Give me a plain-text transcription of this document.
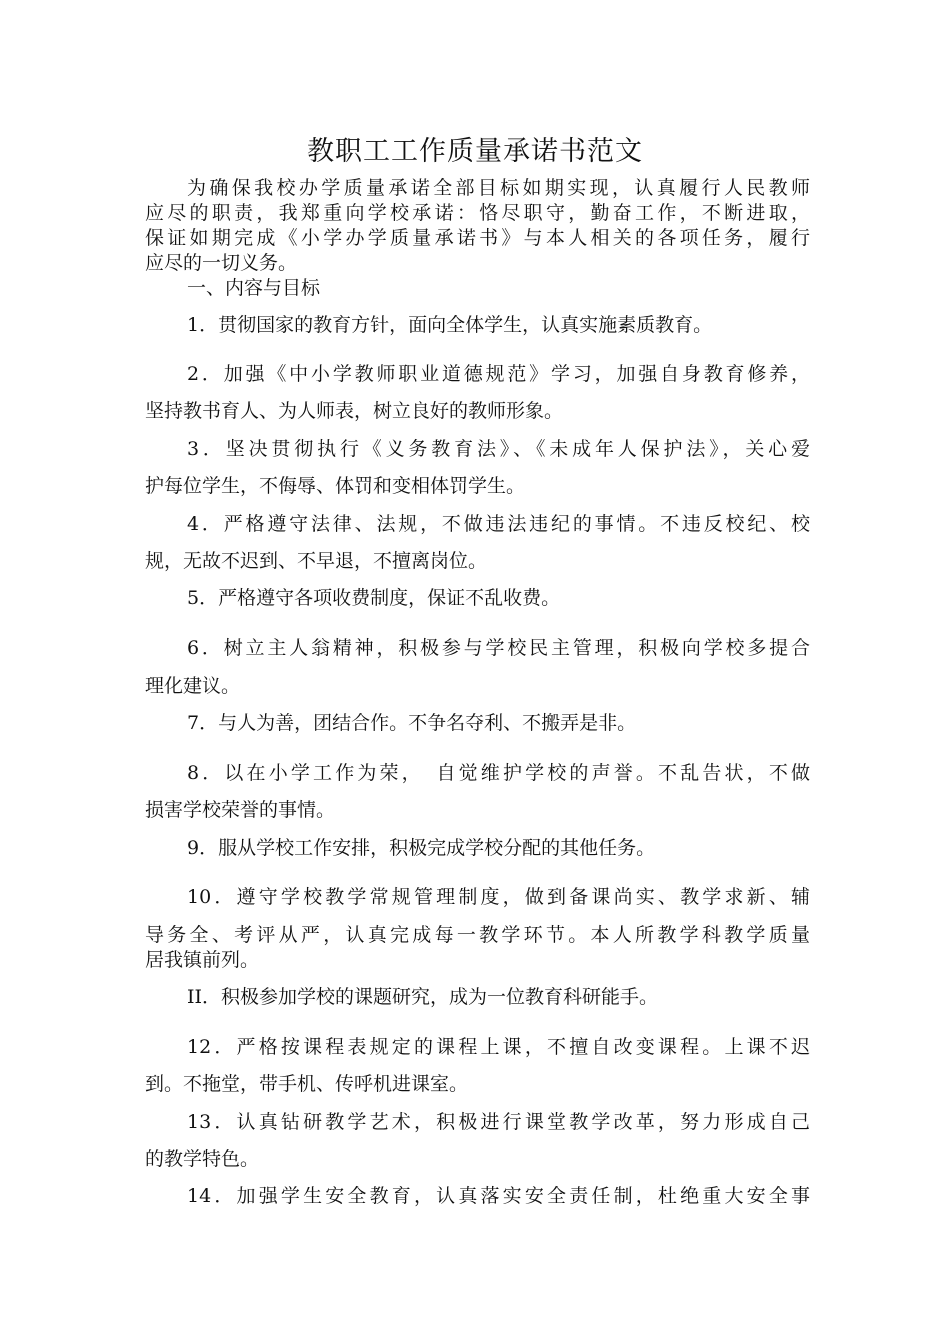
教职工工作质量承诺书范文
为确保我校办学质量承诺全部目标如期实现，认真履行人民教师
应尽的职责，我郑重向学校承诺：恪尽职守，勤奋工作，不断进取，
保证如期完成《小学办学质量承诺书》与本人相关的各项任务，履行
应尽的一切义务。
一、内容与目标
1．贯彻国家的教育方针，面向全体学生，认真实施素质教育。
2．加强《中小学教师职业道德规范》学习，加强自身教育修养，
坚持教书育人、为人师表，树立良好的教师形象。
3．坚决贯彻执行《义务教育法》、《未成年人保护法》，关心爱
护每位学生，不侮辱、体罚和变相体罚学生。
4．严格遵守法律、法规，不做违法违纪的事情。不违反校纪、校
规，无故不迟到、不早退，不擅离岗位。
5．严格遵守各项收费制度，保证不乱收费。
6．树立主人翁精神，积极参与学校民主管理，积极向学校多提合
理化建议。
7．与人为善，团结合作。不争名夺利、不搬弄是非。
8．以在小学工作为荣，　自觉维护学校的声誉。不乱告状，不做
损害学校荣誉的事情。
9．服从学校工作安排，积极完成学校分配的其他任务。
10．遵守学校教学常规管理制度，做到备课尚实、教学求新、辅
导务全、考评从严，认真完成每一教学环节。本人所教学科教学质量
居我镇前列。
II．积极参加学校的课题研究，成为一位教育科研能手。
12．严格按课程表规定的课程上课，不擅自改变课程。上课不迟
到。不拖堂，带手机、传呼机进课室。
13．认真钻研教学艺术，积极进行课堂教学改革，努力形成自己
的教学特色。
14．加强学生安全教育，认真落实安全责任制，杜绝重大安全事
